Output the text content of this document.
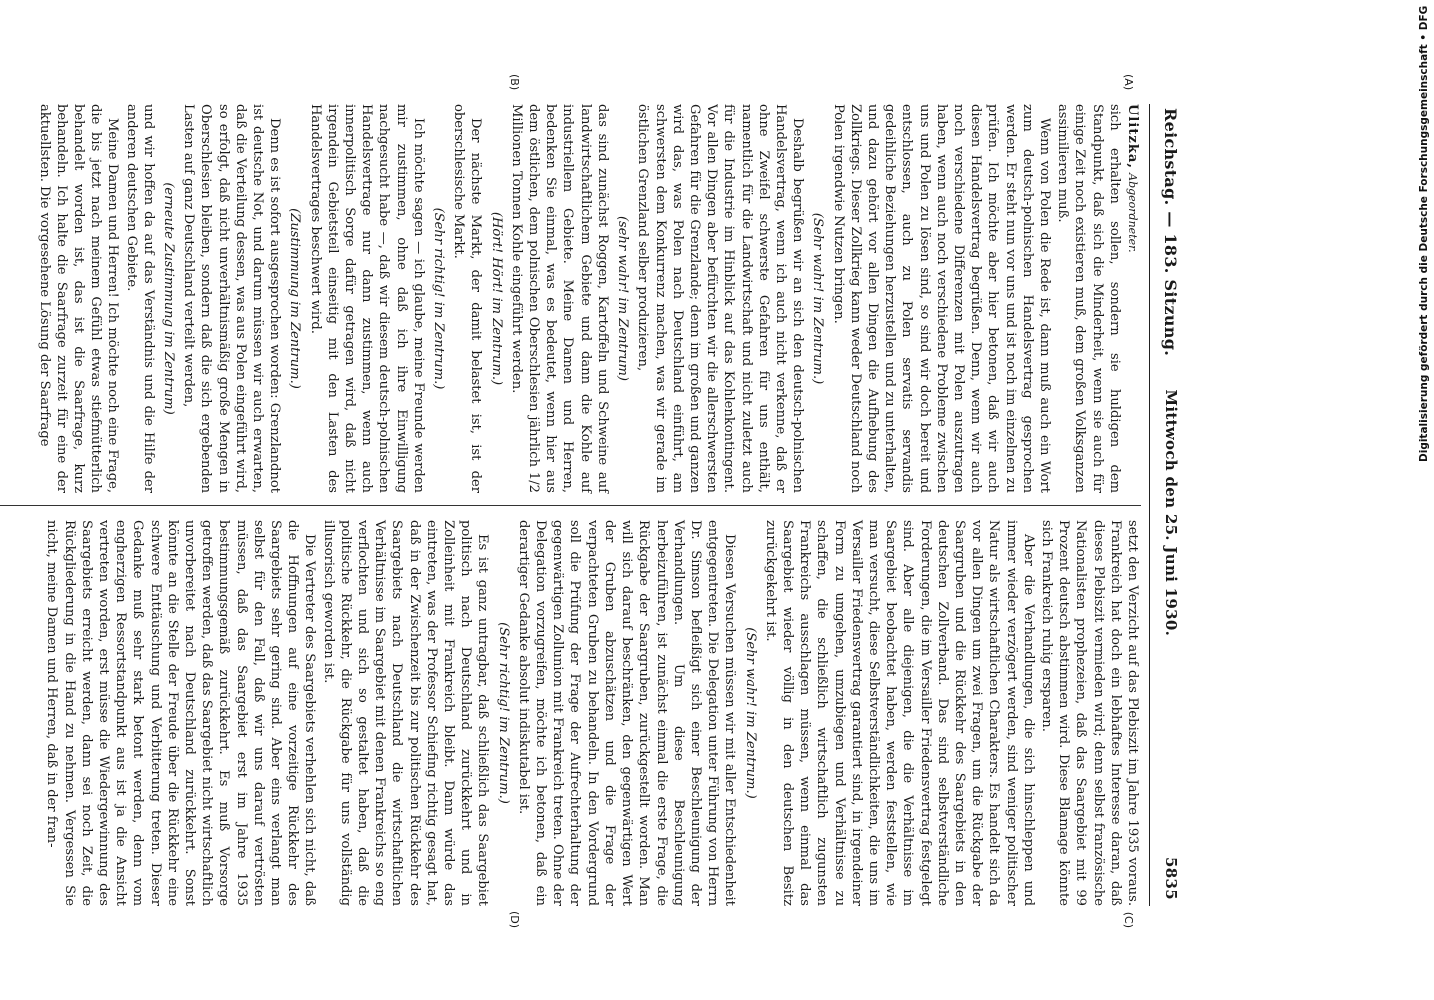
Reichstag. — 183. Sitzung.
Mittwoch den 25. Juni 1930.                                        5835
(A)
(B)
(C)
(D)

Ulitzka, Abgeordneter.

sich erhalten sollen, sondern sie huldigen dem Standpunkt, daß sich die Minderheit, wenn sie auch für einige Zeit noch existieren muß, dem großen Volksganzen assimilieren muß.

Wenn von Polen die Rede ist, dann muß auch ein Wort zum deutsch-polnischen Handelsvertrag gesprochen werden. Er steht nun vor uns und ist noch im einzelnen zu prüfen. Ich möchte aber hier betonen, daß wir auch diesen Handelsvertrag begrüßen. Denn, wenn wir auch noch verschiedene Differenzen mit Polen auszutragen haben, wenn auch noch verschiedene Probleme zwischen uns und Polen zu lösen sind, so sind wir doch bereit und entschlossen, auch zu Polen servatis servandis gedeihliche Beziehungen herzustellen und zu unterhalten, und dazu gehört vor allen Dingen die Aufhebung des Zollkriegs. Dieser Zollkrieg kann weder Deutschland noch Polen irgendwie Nutzen bringen.

(Sehr wahr! im Zentrum.)

Deshalb begrüßen wir an sich den deutsch-polnischen Handelsvertrag, wenn ich auch nicht verkenne, daß er ohne Zweifel schwerste Gefahren für uns enthält, namentlich für die Landwirtschaft und nicht zuletzt auch für die Industrie im Hinblick auf das Kohlenkontingent. Vor allen Dingen aber befürchten wir die allerschwersten Gefahren für die Grenzlande; denn im großen und ganzen wird das, was Polen nach Deutschland einführt, am schwersten dem Konkurrenz machen, was wir gerade im östlichen Grenzland selber produzieren,

(sehr wahr! im Zentrum)

das sind zunächst Roggen, Kartoffeln und Schweine auf landwirtschaftlichem Gebiete und dann die Kohle auf industriellem Gebiete. Meine Damen und Herren, bedenken Sie einmal, was es bedeutet, wenn hier aus dem östlichen, dem polnischen Oberschlesien jährlich 1/2 Millionen Tonnen Kohle eingeführt werden.

(Hört! Hört! im Zentrum.)

Der nächste Markt, der damit belastet ist, ist der oberschlesische Markt.

(Sehr richtig! im Zentrum.)

Ich möchte sagen — ich glaube, meine Freunde werden mir zustimmen, ohne daß ich ihre Einwilligung nachgesucht habe —, daß wir diesem deutsch-polnischen Handelsvertrage nur dann zustimmen, wenn auch innerpolitisch Sorge dafür getragen wird, daß nicht irgendein Gebietsteil einseitig mit den Lasten des Handelsvertrages beschwert wird.

(Zustimmung im Zentrum.)

Denn es ist sofort ausgesprochen worden: Grenzlandnot ist deutsche Not, und darum müssen wir auch erwarten, daß die Verteilung dessen, was aus Polen eingeführt wird, so erfolgt, daß nicht unverhältnismäßig große Mengen in Oberschlesien bleiben, sondern daß die sich ergebenden Lasten auf ganz Deutschland verteilt werden,

(erneute Zustimmung im Zentrum)

und wir hoffen da auf das Verständnis und die Hilfe der anderen deutschen Gebiete.

Meine Damen und Herren! Ich möchte noch eine Frage, die bis jetzt nach meinem Gefühl etwas stiefmütterlich behandelt worden ist, das ist die Saarfrage, kurz behandeln. Ich halte die Saarfrage zurzeit für eine der aktuellsten. Die vorgesehene Lösung der Saarfrage

setzt den Verzicht auf das Plebiszit im Jahre 1935 voraus. Frankreich hat doch ein lebhaftes Interesse daran, daß dieses Plebiszit vermieden wird; denn selbst französische Nationalisten prophezeien, daß das Saargebiet mit 99 Prozent deutsch abstimmen wird. Diese Blamage könnte sich Frankreich ruhig ersparen.

Aber die Verhandlungen, die sich hinschleppen und immer wieder verzögert werden, sind weniger politischer Natur als wirtschaftlichen Charakters. Es handelt sich da vor allen Dingen um zwei Fragen, um die Rückgabe der Saargruben und die Rückkehr des Saargebiets in den deutschen Zollverband. Das sind selbstverständliche Forderungen, die im Versailler Friedensvertrag festgelegt sind. Aber alle diejenigen, die die Verhältnisse im Saargebiet beobachtet haben, werden feststellen, wie man versucht, diese Selbstverständlichkeiten, die uns im Versailler Friedensvertrag garantiert sind, in irgendeiner Form zu umgehen, umzubiegen und Verhältnisse zu schaffen, die schließlich wirtschaftlich zugunsten Frankreichs ausschlagen müssen, wenn einmal das Saargebiet wieder völlig in den deutschen Besitz zurückgekehrt ist.

(Sehr wahr! im Zentrum.)

Diesen Versuchen müssen wir mit aller Entschiedenheit entgegentreten. Die Delegation unter Führung von Herrn Dr. Simson befleißigt sich einer Beschleunigung der Verhandlungen. Um diese Beschleunigung herbeizuführen, ist zunächst einmal die erste Frage, die Rückgabe der Saargruben, zurückgestellt worden. Man will sich darauf beschränken, den gegenwärtigen Wert der Gruben abzuschätzen und die Frage der verpachteten Gruben zu behandeln. In den Vordergrund soll die Prüfung der Frage der Aufrechterhaltung der gegenwärtigen Zollunion mit Frankreich treten. Ohne der Delegation vorzugreifen, möchte ich betonen, daß ein derartiger Gedanke absolut indiskutabel ist.

(Sehr richtig! im Zentrum.)

Es ist ganz untragbar, daß schließlich das Saargebiet politisch nach Deutschland zurückkehrt und in Zolleinheit mit Frankreich bleibt. Dann würde das eintreten, was der Professor Schiefing richtig gesagt hat, daß in der Zwischenzeit bis zur politischen Rückkehr des Saargebiets nach Deutschland die wirtschaftlichen Verhältnisse im Saargebiet mit denen Frankreichs so eng verflochten und sich so gestaltet haben, daß die politische Rückkehr, die Rückgabe für uns vollständig illusorisch geworden ist.

Die Vertreter des Saargebiets verhehlen sich nicht, daß die Hoffnungen auf eine vorzeitige Rückkehr des Saargebiets sehr gering sind. Aber eins verlangt man selbst für den Fall, daß wir uns darauf vertrösten müssen, daß das Saargebiet erst im Jahre 1935 bestimmungsgemäß zurückkehrt. Es muß Vorsorge getroffen werden, daß das Saargebiet nicht wirtschaftlich unvorbereitet nach Deutschland zurückkehrt. Sonst könnte an die Stelle der Freude über die Rückkehr eine schwere Enttäuschung und Verbitterung treten. Dieser Gedanke muß sehr stark betont werden, denn vom engherzigen Ressortstandpunkt aus ist ja die Ansicht vertreten worden, erst müsse die Wiedergewinnung des Saargebiets erreicht werden, dann sei noch Zeit, die Rückgliederung in die Hand zu nehmen. Vergessen Sie nicht, meine Damen und Herren, daß in der fran-

Digitalisierung gefördert durch die Deutsche Forschungsgemeinschaft • DFG
